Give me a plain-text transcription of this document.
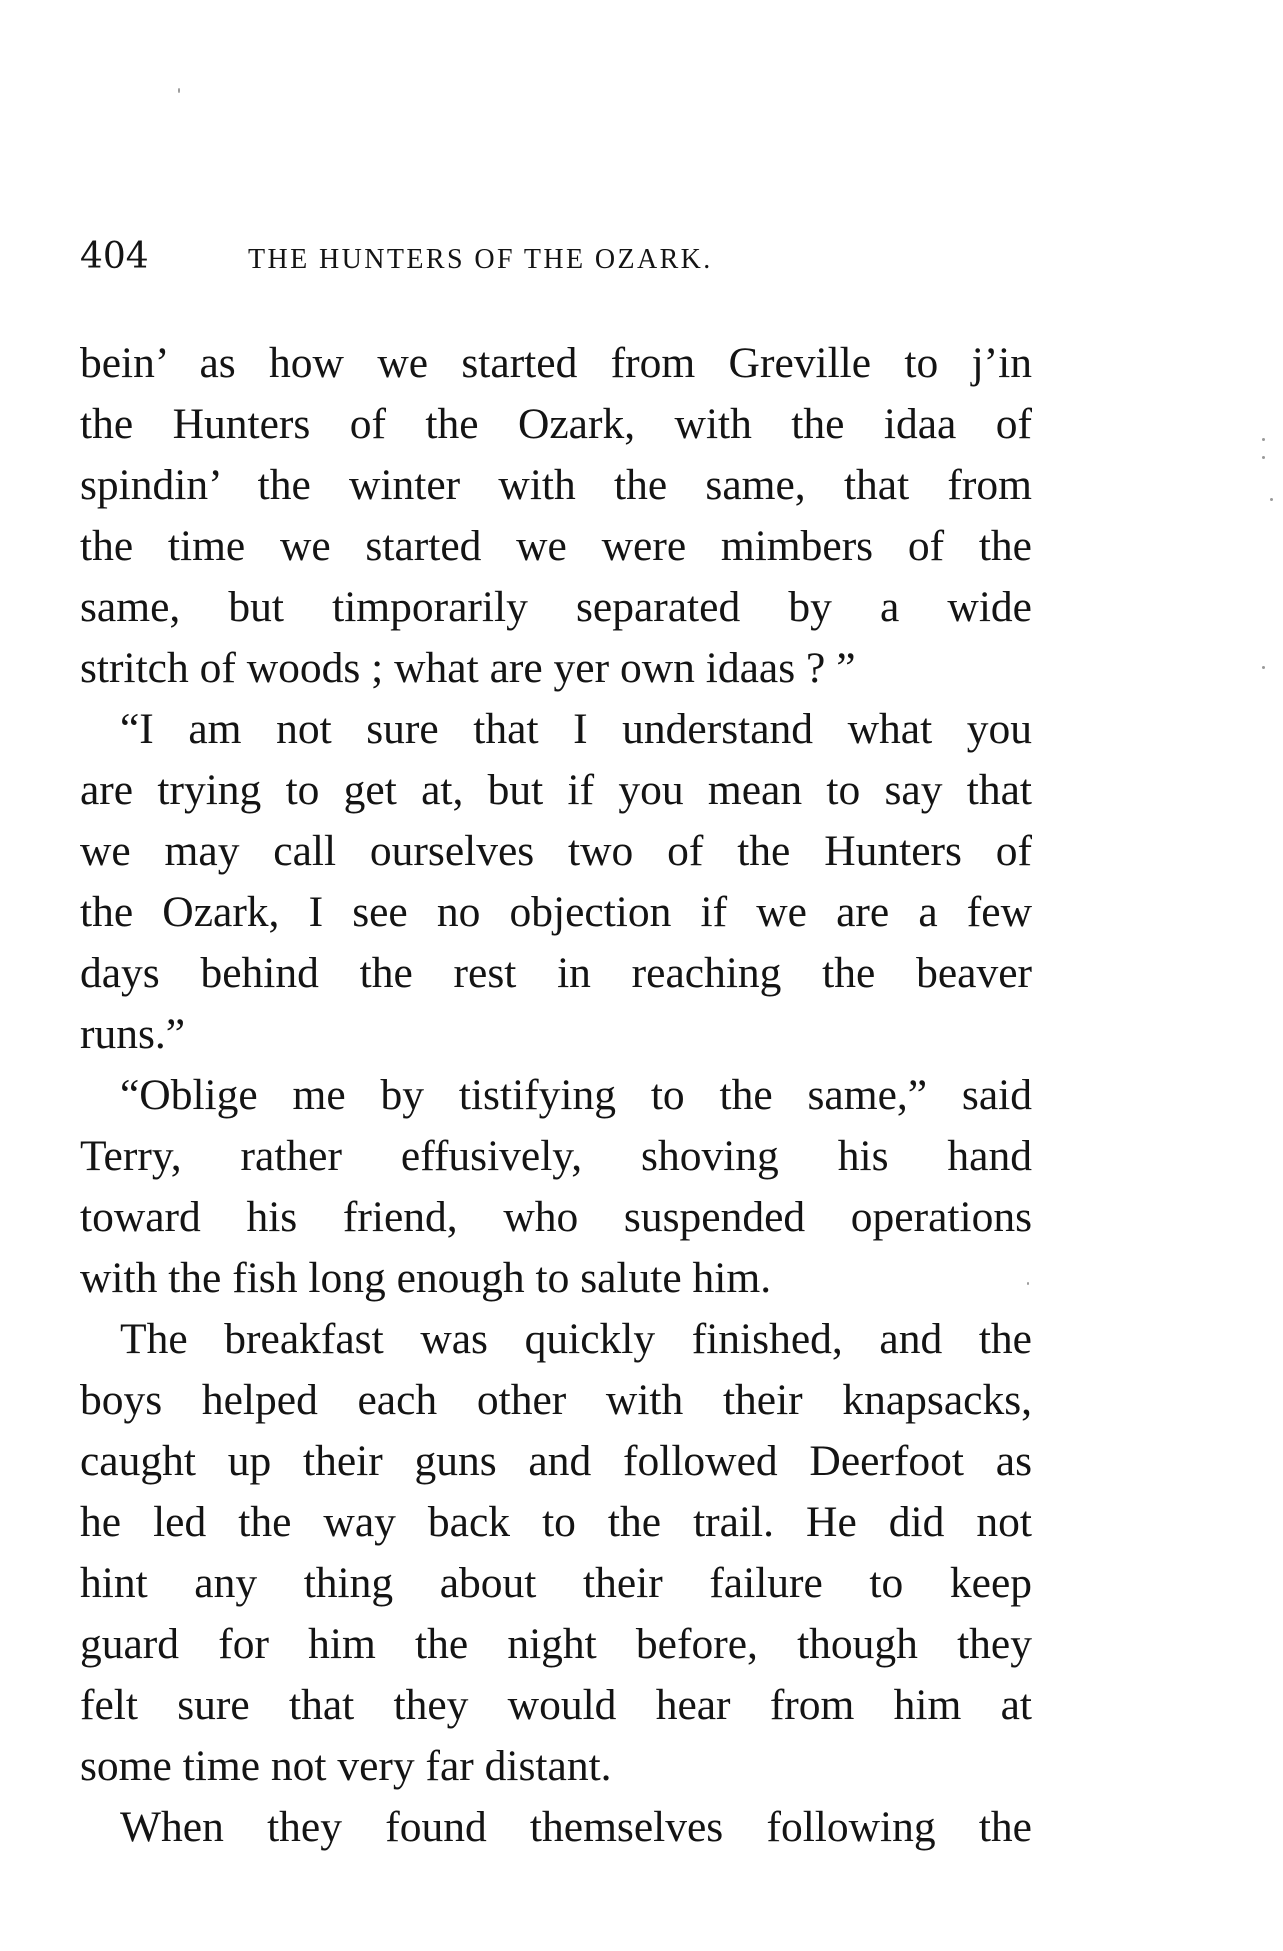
404	THE HUNTERS OF THE OZARK.
bein’ as how we started from Greville to j’in
the Hunters of the Ozark, with the idaa of
spindin’ the winter with the same, that from
the time we started we were mimbers of the
same, but timporarily separated by a wide
stritch of woods ; what are yer own idaas ? ”
“I am not sure that I understand what you
are trying to get at, but if you mean to say that
we may call ourselves two of the Hunters of
the Ozark, I see no objection if we are a few
days behind the rest in reaching the beaver
runs.”
“Oblige me by tistifying to the same,” said
Terry, rather effusively, shoving his hand
toward his friend, who suspended operations
with the fish long enough to salute him.
The breakfast was quickly finished, and the
boys helped each other with their knapsacks,
caught up their guns and followed Deerfoot as
he led the way back to the trail. He did not
hint any thing about their failure to keep
guard for him the night before, though they
felt sure that they would hear from him at
some time not very far distant.
When they found themselves following the
